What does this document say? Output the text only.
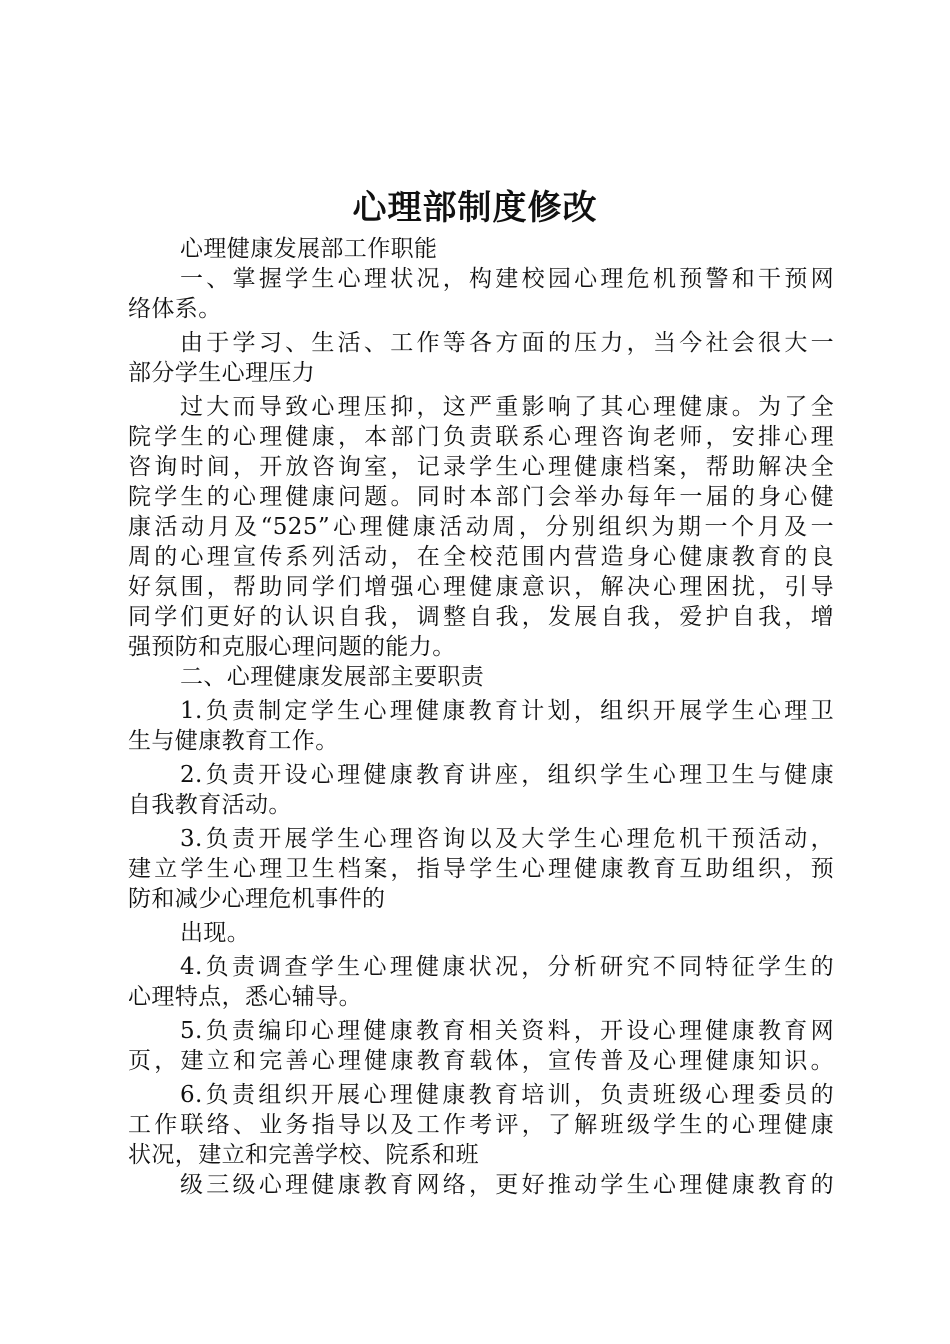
心理部制度修改
心理健康发展部工作职能
一、掌握学生心理状况，构建校园心理危机预警和干预网
络体系。
由于学习、生活、工作等各方面的压力，当今社会很大一
部分学生心理压力
过大而导致心理压抑，这严重影响了其心理健康。为了全
院学生的心理健康，本部门负责联系心理咨询老师，安排心理
咨询时间，开放咨询室，记录学生心理健康档案，帮助解决全
院学生的心理健康问题。同时本部门会举办每年一届的身心健
康活动月及“525”心理健康活动周，分别组织为期一个月及一
周的心理宣传系列活动，在全校范围内营造身心健康教育的良
好氛围，帮助同学们增强心理健康意识，解决心理困扰，引导
同学们更好的认识自我，调整自我，发展自我，爱护自我，增
强预防和克服心理问题的能力。
二、心理健康发展部主要职责
1.负责制定学生心理健康教育计划，组织开展学生心理卫
生与健康教育工作。
2.负责开设心理健康教育讲座，组织学生心理卫生与健康
自我教育活动。
3.负责开展学生心理咨询以及大学生心理危机干预活动，
建立学生心理卫生档案，指导学生心理健康教育互助组织，预
防和减少心理危机事件的
出现。
4.负责调查学生心理健康状况，分析研究不同特征学生的
心理特点，悉心辅导。
5.负责编印心理健康教育相关资料，开设心理健康教育网
页，建立和完善心理健康教育载体，宣传普及心理健康知识。
6.负责组织开展心理健康教育培训，负责班级心理委员的
工作联络、业务指导以及工作考评，了解班级学生的心理健康
状况，建立和完善学校、院系和班
级三级心理健康教育网络，更好推动学生心理健康教育的
